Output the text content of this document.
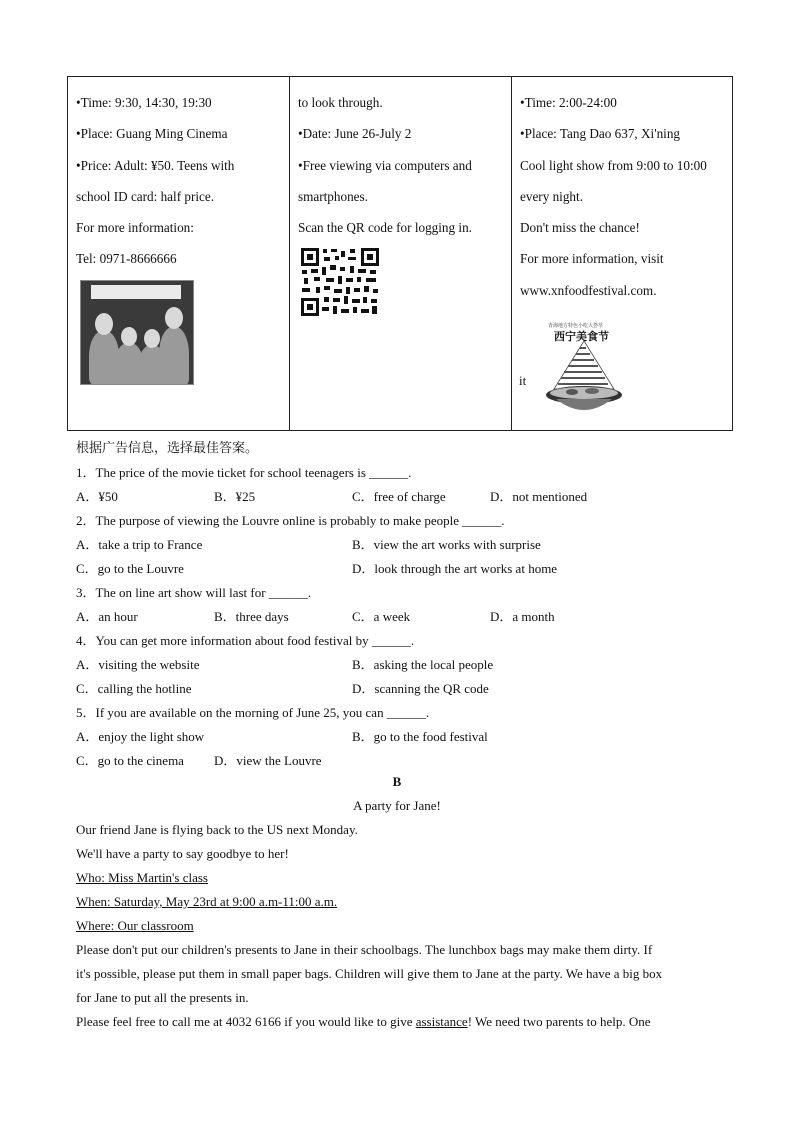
•Time: 9:30, 14:30, 19:30
•Place: Guang Ming Cinema
•Price: Adult: ¥50. Teens with
school ID card: half price.
For more information:
Tel: 0971-8666666
to look through.
•Date: June 26-July 2
•Free viewing via computers and
smartphones.
Scan the QR code for logging in.
•Time: 2:00-24:00
•Place: Tang Dao 637, Xi'ning
Cool light show from 9:00 to 10:00
every night.
Don't miss the chance!
For more information, visit
www.xnfoodfestival.com.
青海地方特色小吃大荟萃
西宁美食节
it
根据广告信息，选择最佳答案。
1．The price of the movie ticket for school teenagers is ______.
A．¥50	B．¥25	C．free of charge	D．not mentioned
2．The purpose of viewing the Louvre online is probably to make people ______.
A．take a trip to France	B．view the art works with surprise
C．go to the Louvre	D．look through the art works at home
3．The on line art show will last for ______.
A．an hour	B．three days	C．a week	D．a month
4．You can get more information about food festival by ______.
A．visiting the website	B．asking the local people
C．calling the hotline	D．scanning the QR code
5．If you are available on the morning of June 25, you can ______.
A．enjoy the light show	B．go to the food festival
C．go to the cinema D．view the Louvre
B
A party for Jane!
Our friend Jane is flying back to the US next Monday.
We'll have a party to say goodbye to her!
Who: Miss Martin's class
When: Saturday, May 23rd at 9:00 a.m-11:00 a.m.
Where: Our classroom
Please don't put our children's presents to Jane in their schoolbags. The lunchbox bags may make them dirty. If
it's possible, please put them in small paper bags. Children will give them to Jane at the party. We have a big box
for Jane to put all the presents in.
Please feel free to call me at 4032 6166 if you would like to give assistance! We need two parents to help. One
